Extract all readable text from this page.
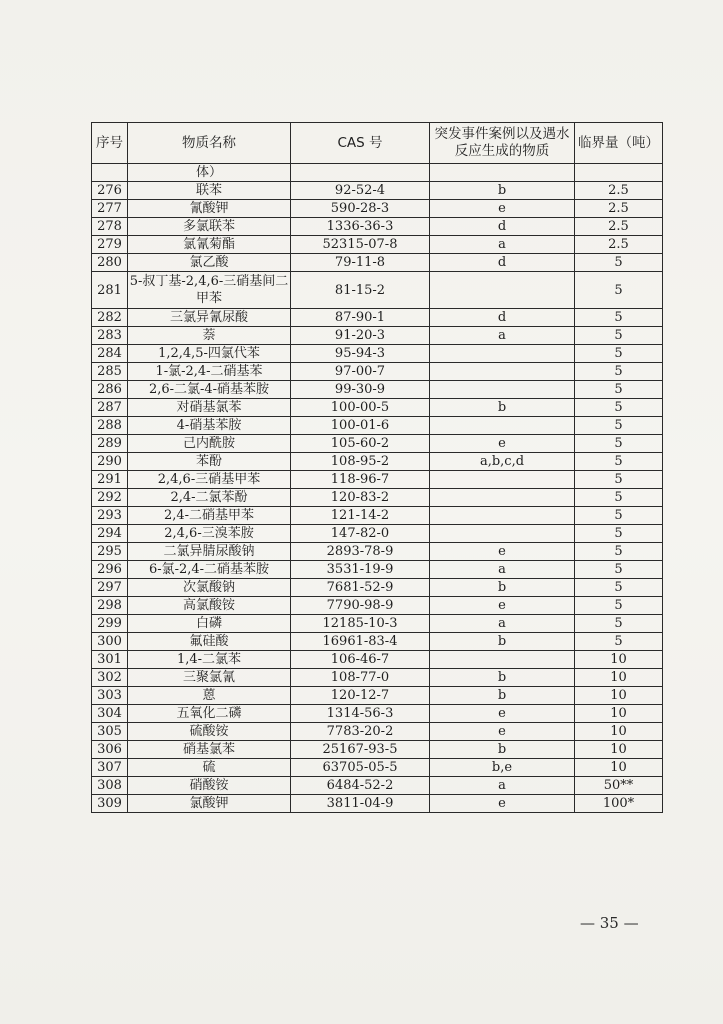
序号	物质名称	CAS 号	突发事件案例以及遇水反应生成的物质	临界量（吨）
	体）			
276	联苯	92-52-4	b	2.5
277	氰酸钾	590-28-3	e	2.5
278	多氯联苯	1336-36-3	d	2.5
279	氯氰菊酯	52315-07-8	a	2.5
280	氯乙酸	79-11-8	d	5
281	5-叔丁基-2,4,6-三硝基间二甲苯	81-15-2		5
282	三氯异氰尿酸	87-90-1	d	5
283	萘	91-20-3	a	5
284	1,2,4,5-四氯代苯	95-94-3		5
285	1-氯-2,4-二硝基苯	97-00-7		5
286	2,6-二氯-4-硝基苯胺	99-30-9		5
287	对硝基氯苯	100-00-5	b	5
288	4-硝基苯胺	100-01-6		5
289	己内酰胺	105-60-2	e	5
290	苯酚	108-95-2	a,b,c,d	5
291	2,4,6-三硝基甲苯	118-96-7		5
292	2,4-二氯苯酚	120-83-2		5
293	2,4-二硝基甲苯	121-14-2		5
294	2,4,6-三溴苯胺	147-82-0		5
295	二氯异腈尿酸钠	2893-78-9	e	5
296	6-氯-2,4-二硝基苯胺	3531-19-9	a	5
297	次氯酸钠	7681-52-9	b	5
298	高氯酸铵	7790-98-9	e	5
299	白磷	12185-10-3	a	5
300	氟硅酸	16961-83-4	b	5
301	1,4-二氯苯	106-46-7		10
302	三聚氯氰	108-77-0	b	10
303	蒽	120-12-7	b	10
304	五氧化二磷	1314-56-3	e	10
305	硫酸铵	7783-20-2	e	10
306	硝基氯苯	25167-93-5	b	10
307	硫	63705-05-5	b,e	10
308	硝酸铵	6484-52-2	a	50**
309	氯酸钾	3811-04-9	e	100*
— 35 —
